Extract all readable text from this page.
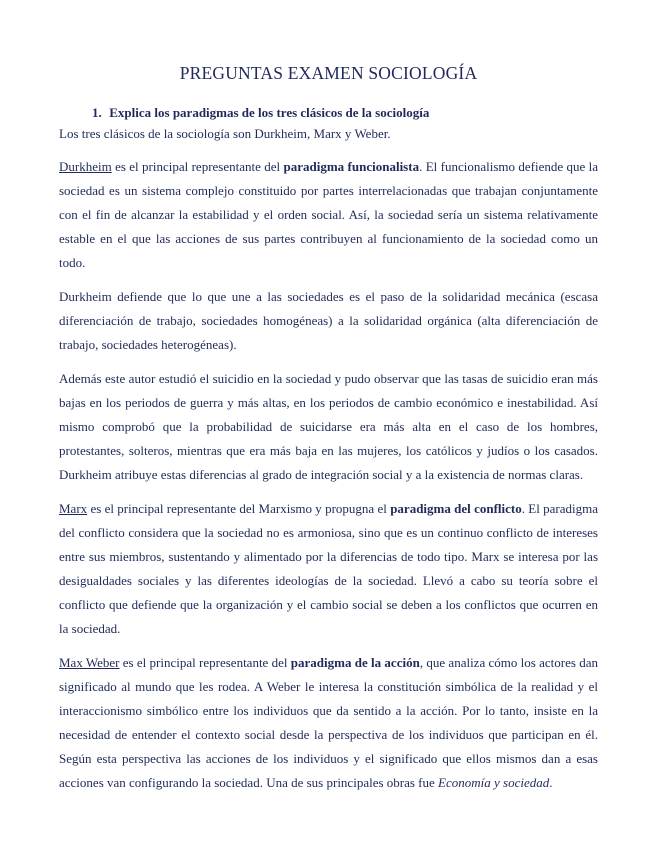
PREGUNTAS EXAMEN SOCIOLOGÍA
1. Explica los paradigmas de los tres clásicos de la sociología

Los tres clásicos de la sociología son Durkheim, Marx y Weber.

Durkheim es el principal representante del paradigma funcionalista. El funcionalismo defiende que la sociedad es un sistema complejo constituido por partes interrelacionadas que trabajan conjuntamente con el fin de alcanzar la estabilidad y el orden social. Así, la sociedad sería un sistema relativamente estable en el que las acciones de sus partes contribuyen al funcionamiento de la sociedad como un todo.

Durkheim defiende que lo que une a las sociedades es el paso de la solidaridad mecánica (escasa diferenciación de trabajo, sociedades homogéneas) a la solidaridad orgánica (alta diferenciación de trabajo, sociedades heterogéneas).

Además este autor estudió el suicidio en la sociedad y pudo observar que las tasas de suicidio eran más bajas en los periodos de guerra y más altas, en los periodos de cambio económico e inestabilidad. Así mismo comprobó que la probabilidad de suicidarse era más alta en el caso de los hombres, protestantes, solteros, mientras que era más baja en las mujeres, los católicos y judíos o los casados. Durkheim atribuye estas diferencias al grado de integración social y a la existencia de normas claras.

Marx es el principal representante del Marxismo y propugna el paradigma del conflicto. El paradigma del conflicto considera que la sociedad no es armoniosa, sino que es un continuo conflicto de intereses entre sus miembros, sustentando y alimentado por la diferencias de todo tipo. Marx se interesa por las desigualdades sociales y las diferentes ideologías de la sociedad. Llevó a cabo su teoría sobre el conflicto que defiende que la organización y el cambio social se deben a los conflictos que ocurren en la sociedad.

Max Weber es el principal representante del paradigma de la acción, que analiza cómo los actores dan significado al mundo que les rodea. A Weber le interesa la constitución simbólica de la realidad y el interaccionismo simbólico entre los individuos que da sentido a la acción. Por lo tanto, insiste en la necesidad de entender el contexto social desde la perspectiva de los individuos que participan en él. Según esta perspectiva las acciones de los individuos y el significado que ellos mismos dan a esas acciones van configurando la sociedad. Una de sus principales obras fue Economía y sociedad.
